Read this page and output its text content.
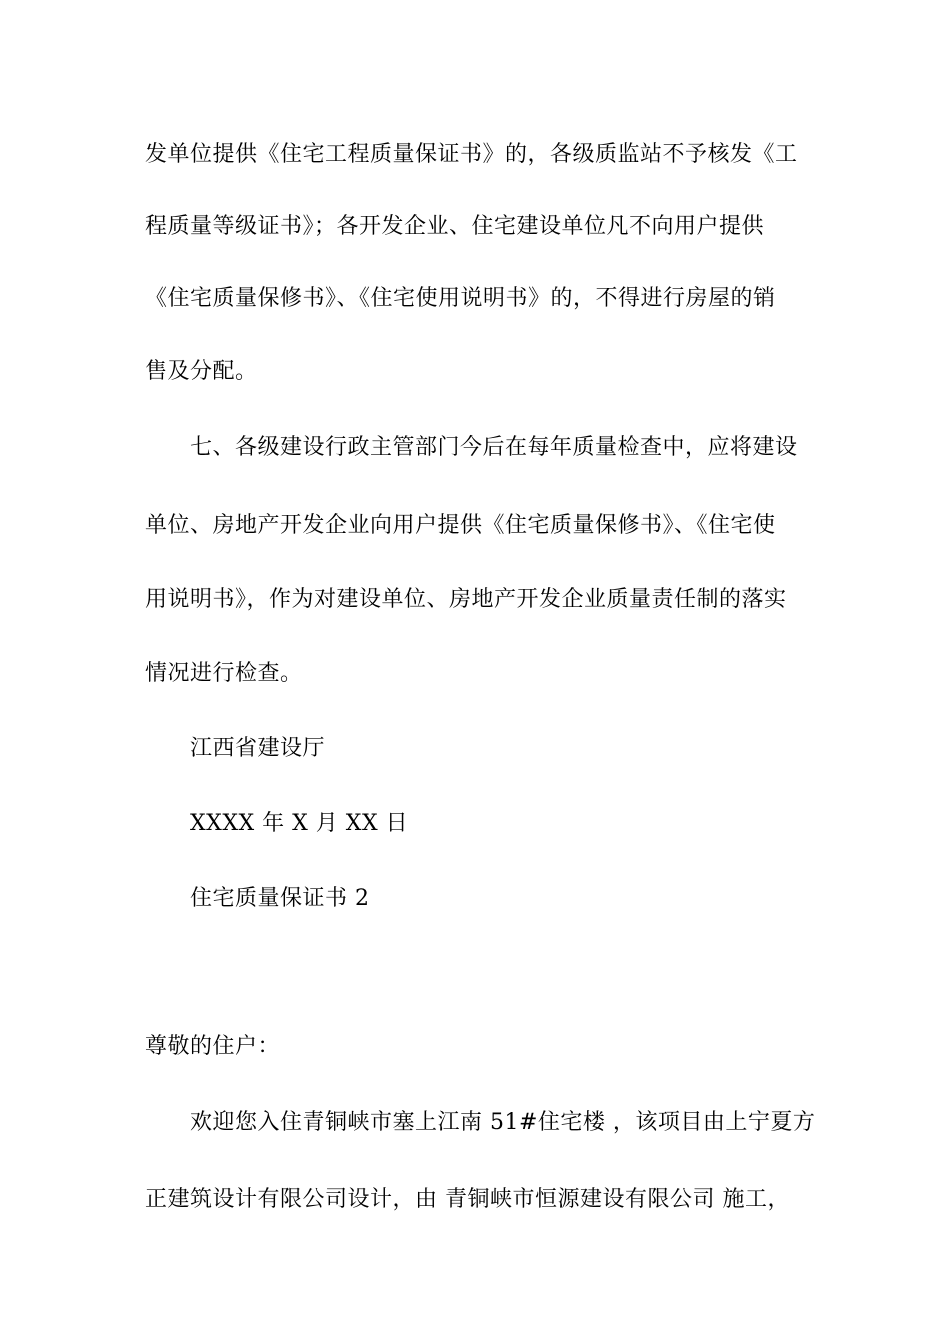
发单位提供《住宅工程质量保证书》的，各级质监站不予核发《工
程质量等级证书》；各开发企业、住宅建设单位凡不向用户提供
《住宅质量保修书》、《住宅使用说明书》的，不得进行房屋的销
售及分配。
七、各级建设行政主管部门今后在每年质量检查中，应将建设
单位、房地产开发企业向用户提供《住宅质量保修书》、《住宅使
用说明书》，作为对建设单位、房地产开发企业质量责任制的落实
情况进行检查。
江西省建设厅
XXXX 年 X 月 XX 日
住宅质量保证书 2
尊敬的住户：
欢迎您入住青铜峡市塞上江南 51#住宅楼 ，该项目由上宁夏方
正建筑设计有限公司设计，由 青铜峡市恒源建设有限公司 施工，
